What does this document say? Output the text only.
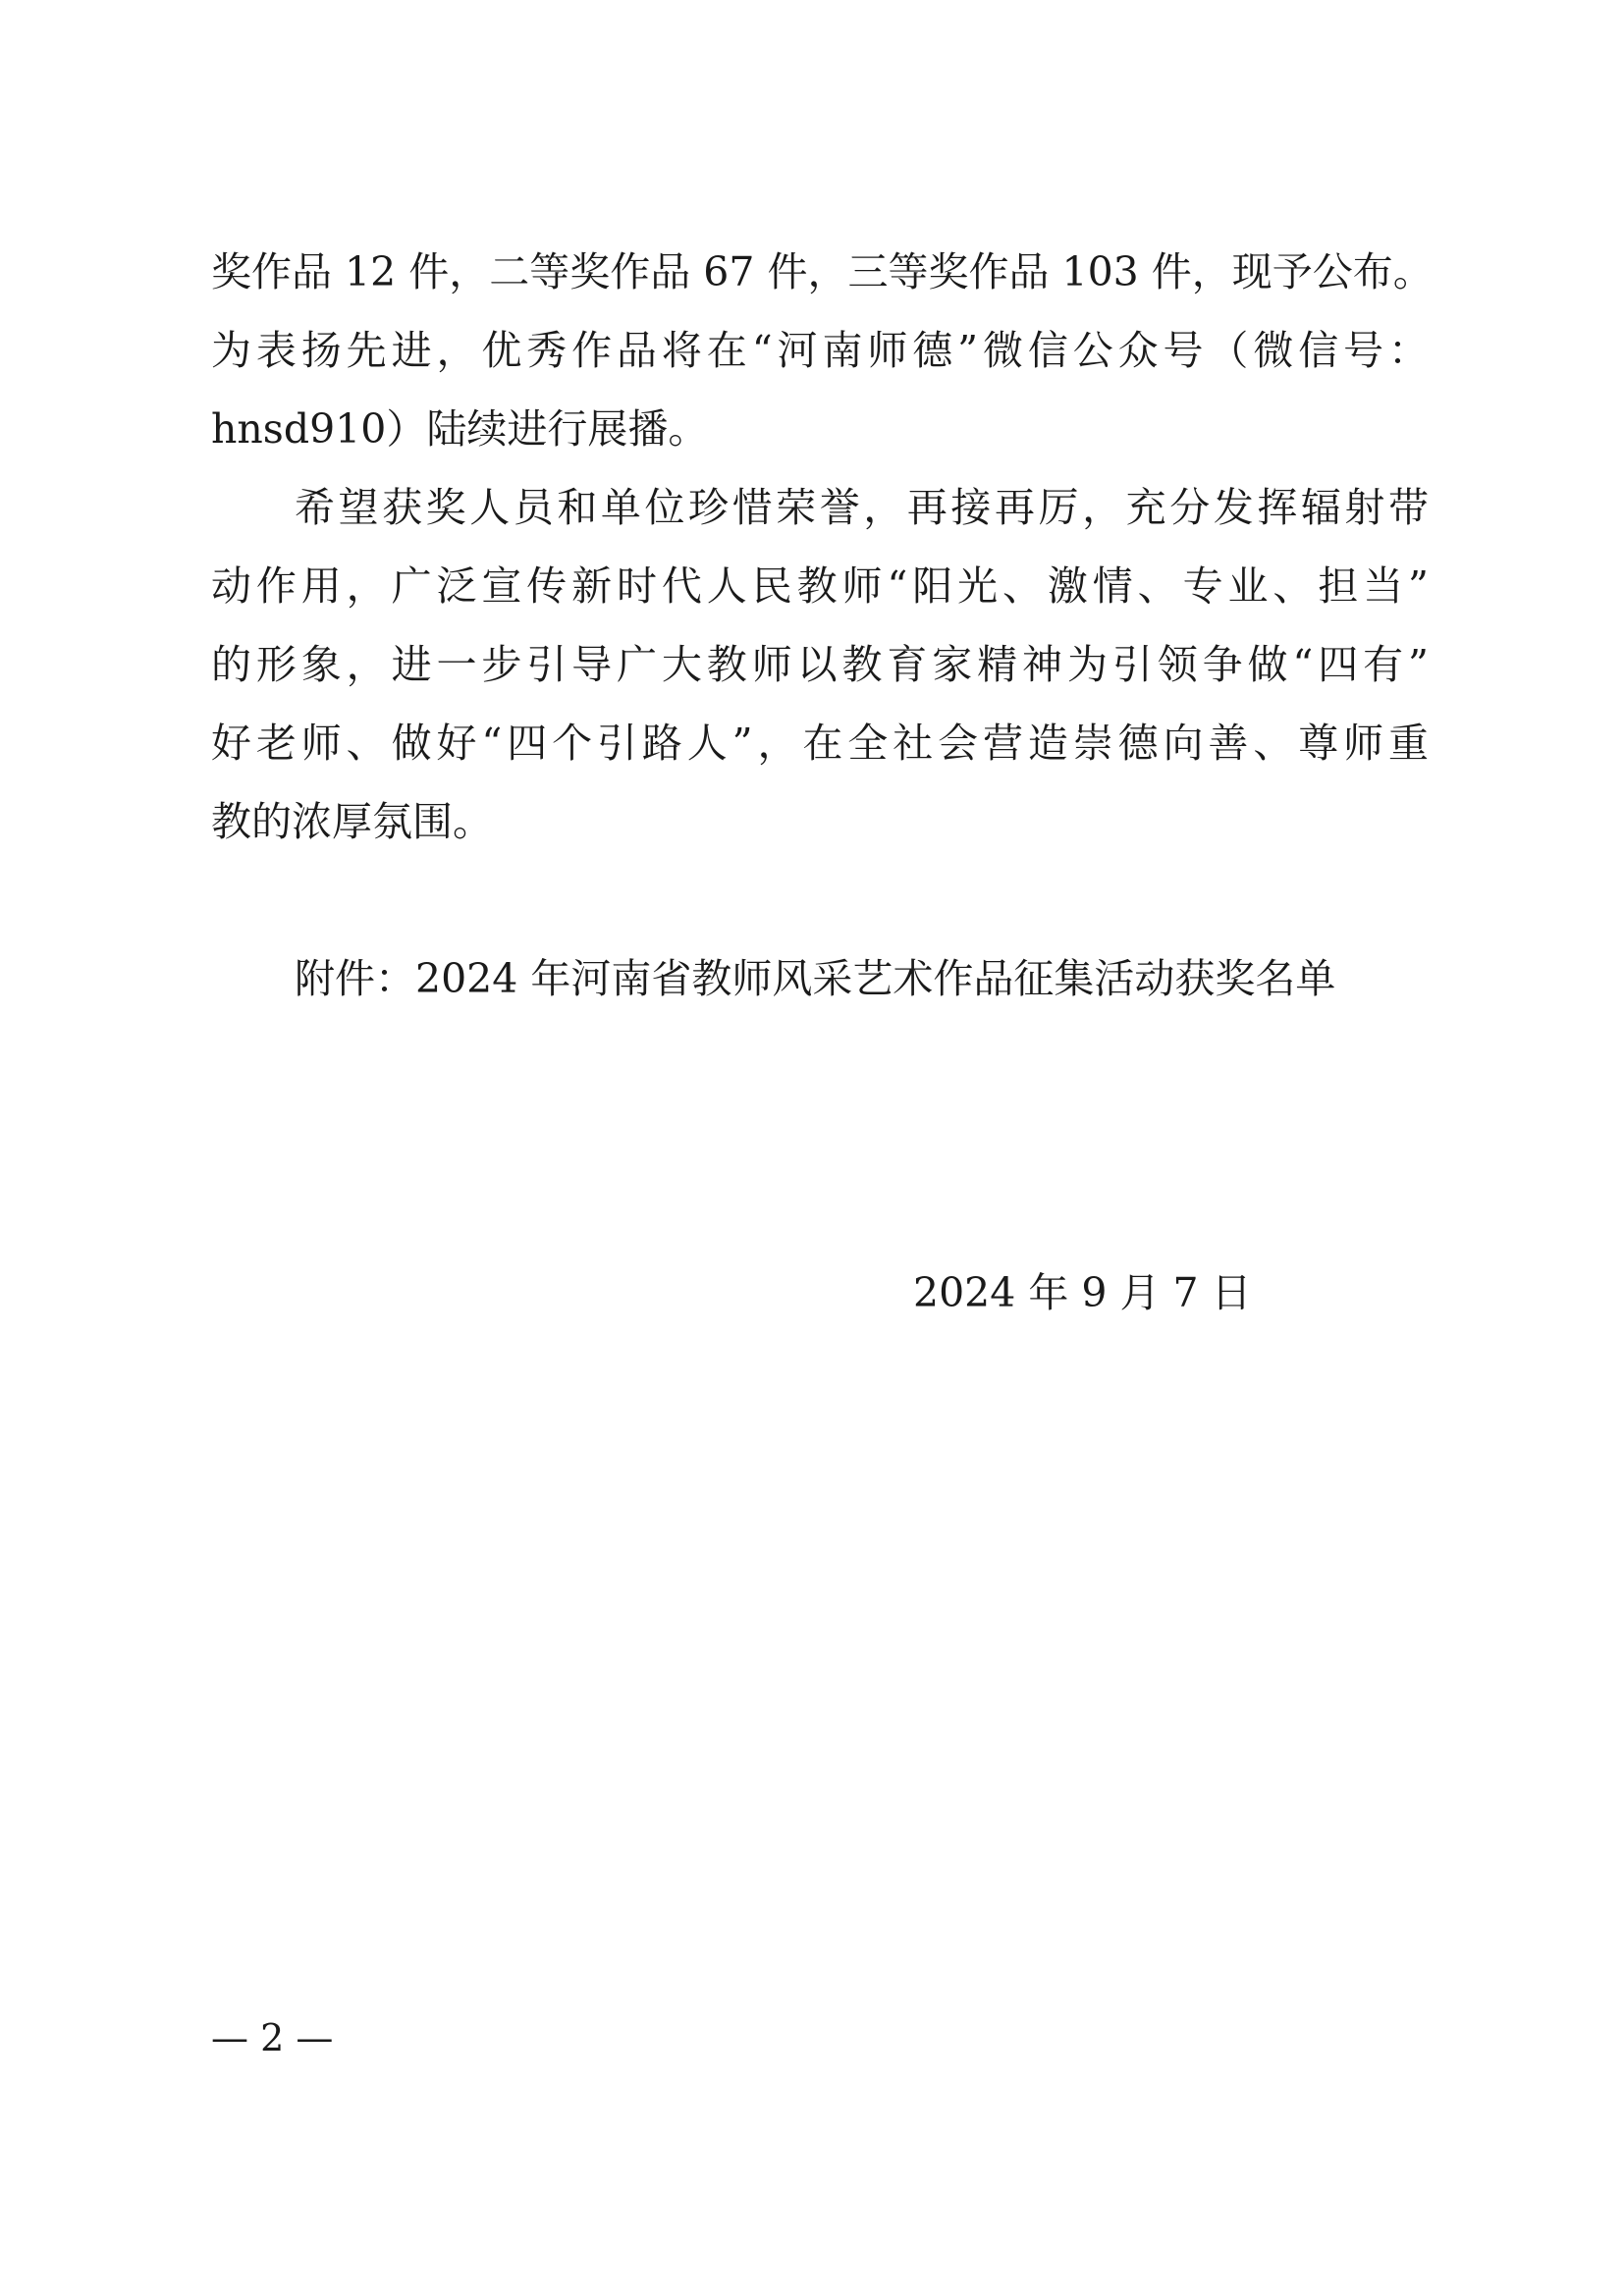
奖作品 12 件，二等奖作品 67 件，三等奖作品 103 件，现予公布。
为表扬先进，优秀作品将在“河南师德”微信公众号（微信号：
hnsd910）陆续进行展播。
希望获奖人员和单位珍惜荣誉，再接再厉，充分发挥辐射带
动作用，广泛宣传新时代人民教师“阳光、激情、专业、担当”
的形象，进一步引导广大教师以教育家精神为引领争做“四有”
好老师、做好“四个引路人”，在全社会营造崇德向善、尊师重
教的浓厚氛围。
附件：2024 年河南省教师风采艺术作品征集活动获奖名单
2024 年 9 月 7 日
— 2 —
